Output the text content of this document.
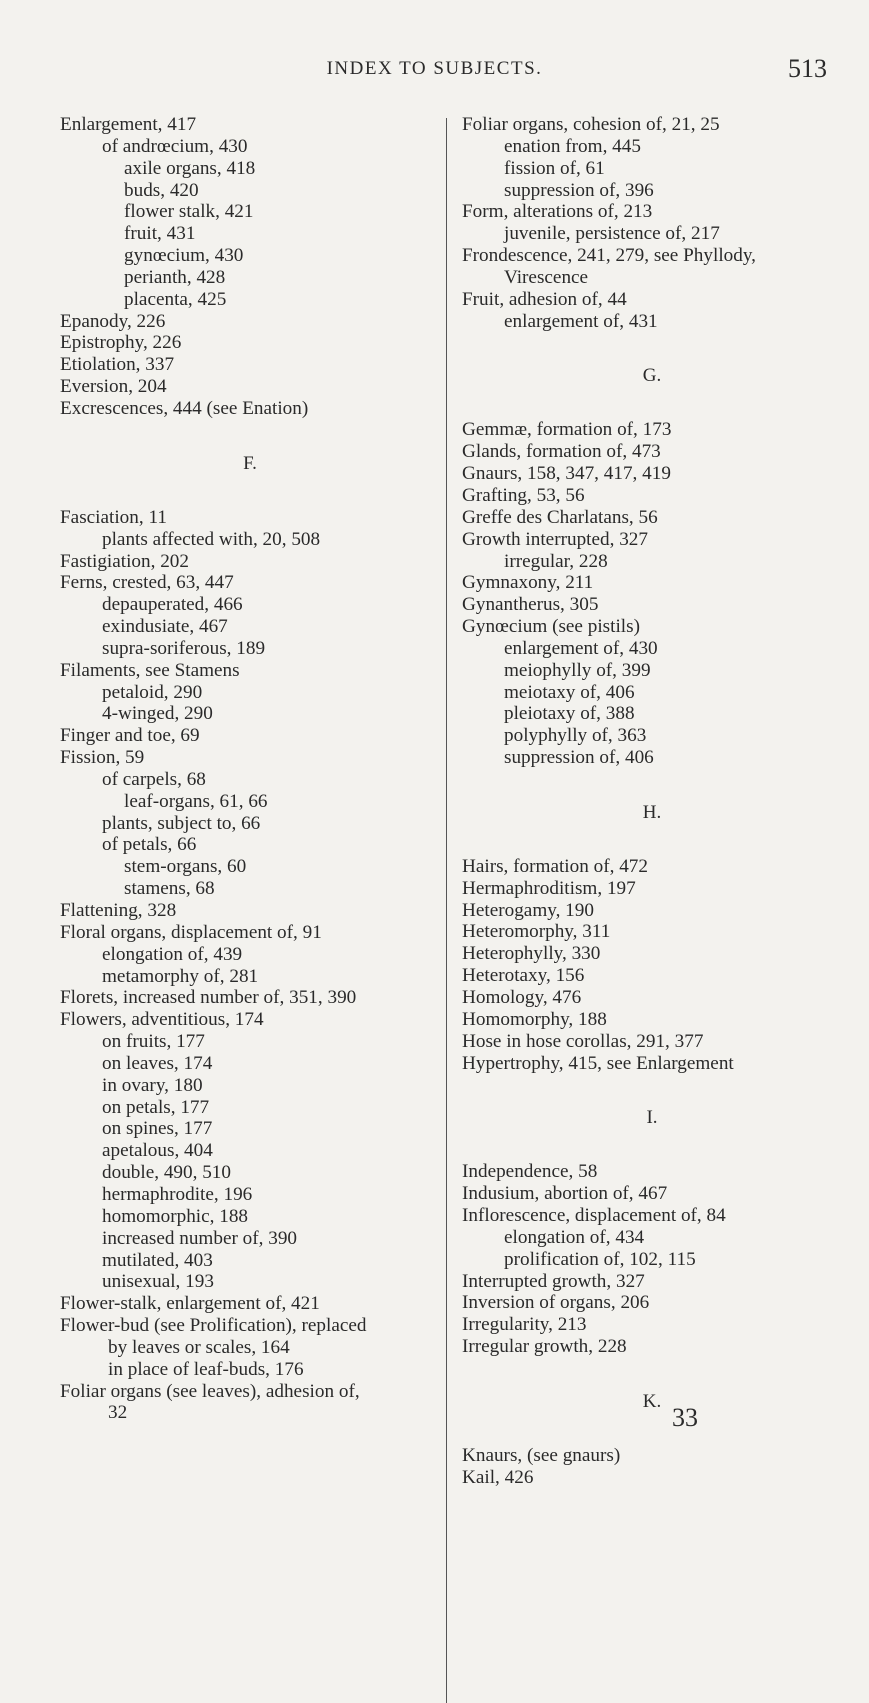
INDEX TO SUBJECTS.	513
Enlargement, 417
of andrœcium, 430
axile organs, 418
buds, 420
flower stalk, 421
fruit, 431
gynœcium, 430
perianth, 428
placenta, 425
Epanody, 226
Epistrophy, 226
Etiolation, 337
Eversion, 204
Excrescences, 444 (see Enation)
F.
Fasciation, 11
plants affected with, 20, 508
Fastigiation, 202
Ferns, crested, 63, 447
depauperated, 466
exindusiate, 467
supra-soriferous, 189
Filaments, see Stamens
petaloid, 290
4-winged, 290
Finger and toe, 69
Fission, 59
of carpels, 68
leaf-organs, 61, 66
plants, subject to, 66
of petals, 66
stem-organs, 60
stamens, 68
Flattening, 328
Floral organs, displacement of, 91
elongation of, 439
metamorphy of, 281
Florets, increased number of, 351, 390
Flowers, adventitious, 174
on fruits, 177
on leaves, 174
in ovary, 180
on petals, 177
on spines, 177
apetalous, 404
double, 490, 510
hermaphrodite, 196
homomorphic, 188
increased number of, 390
mutilated, 403
unisexual, 193
Flower-stalk, enlargement of, 421
Flower-bud (see Prolification), replaced
by leaves or scales, 164
in place of leaf-buds, 176
Foliar organs (see leaves), adhesion of,
32
Foliar organs, cohesion of, 21, 25
enation from, 445
fission of, 61
suppression of, 396
Form, alterations of, 213
juvenile, persistence of, 217
Frondescence, 241, 279, see Phyllody,
Virescence
Fruit, adhesion of, 44
enlargement of, 431
G.
Gemmæ, formation of, 173
Glands, formation of, 473
Gnaurs, 158, 347, 417, 419
Grafting, 53, 56
Greffe des Charlatans, 56
Growth interrupted, 327
irregular, 228
Gymnaxony, 211
Gynantherus, 305
Gynœcium (see pistils)
enlargement of, 430
meiophylly of, 399
meiotaxy of, 406
pleiotaxy of, 388
polyphylly of, 363
suppression of, 406
H.
Hairs, formation of, 472
Hermaphroditism, 197
Heterogamy, 190
Heteromorphy, 311
Heterophylly, 330
Heterotaxy, 156
Homology, 476
Homomorphy, 188
Hose in hose corollas, 291, 377
Hypertrophy, 415, see Enlargement
I.
Independence, 58
Indusium, abortion of, 467
Inflorescence, displacement of, 84
elongation of, 434
prolification of, 102, 115
Interrupted growth, 327
Inversion of organs, 206
Irregularity, 213
Irregular growth, 228
K.
Knaurs, (see gnaurs)
Kail, 426
33
